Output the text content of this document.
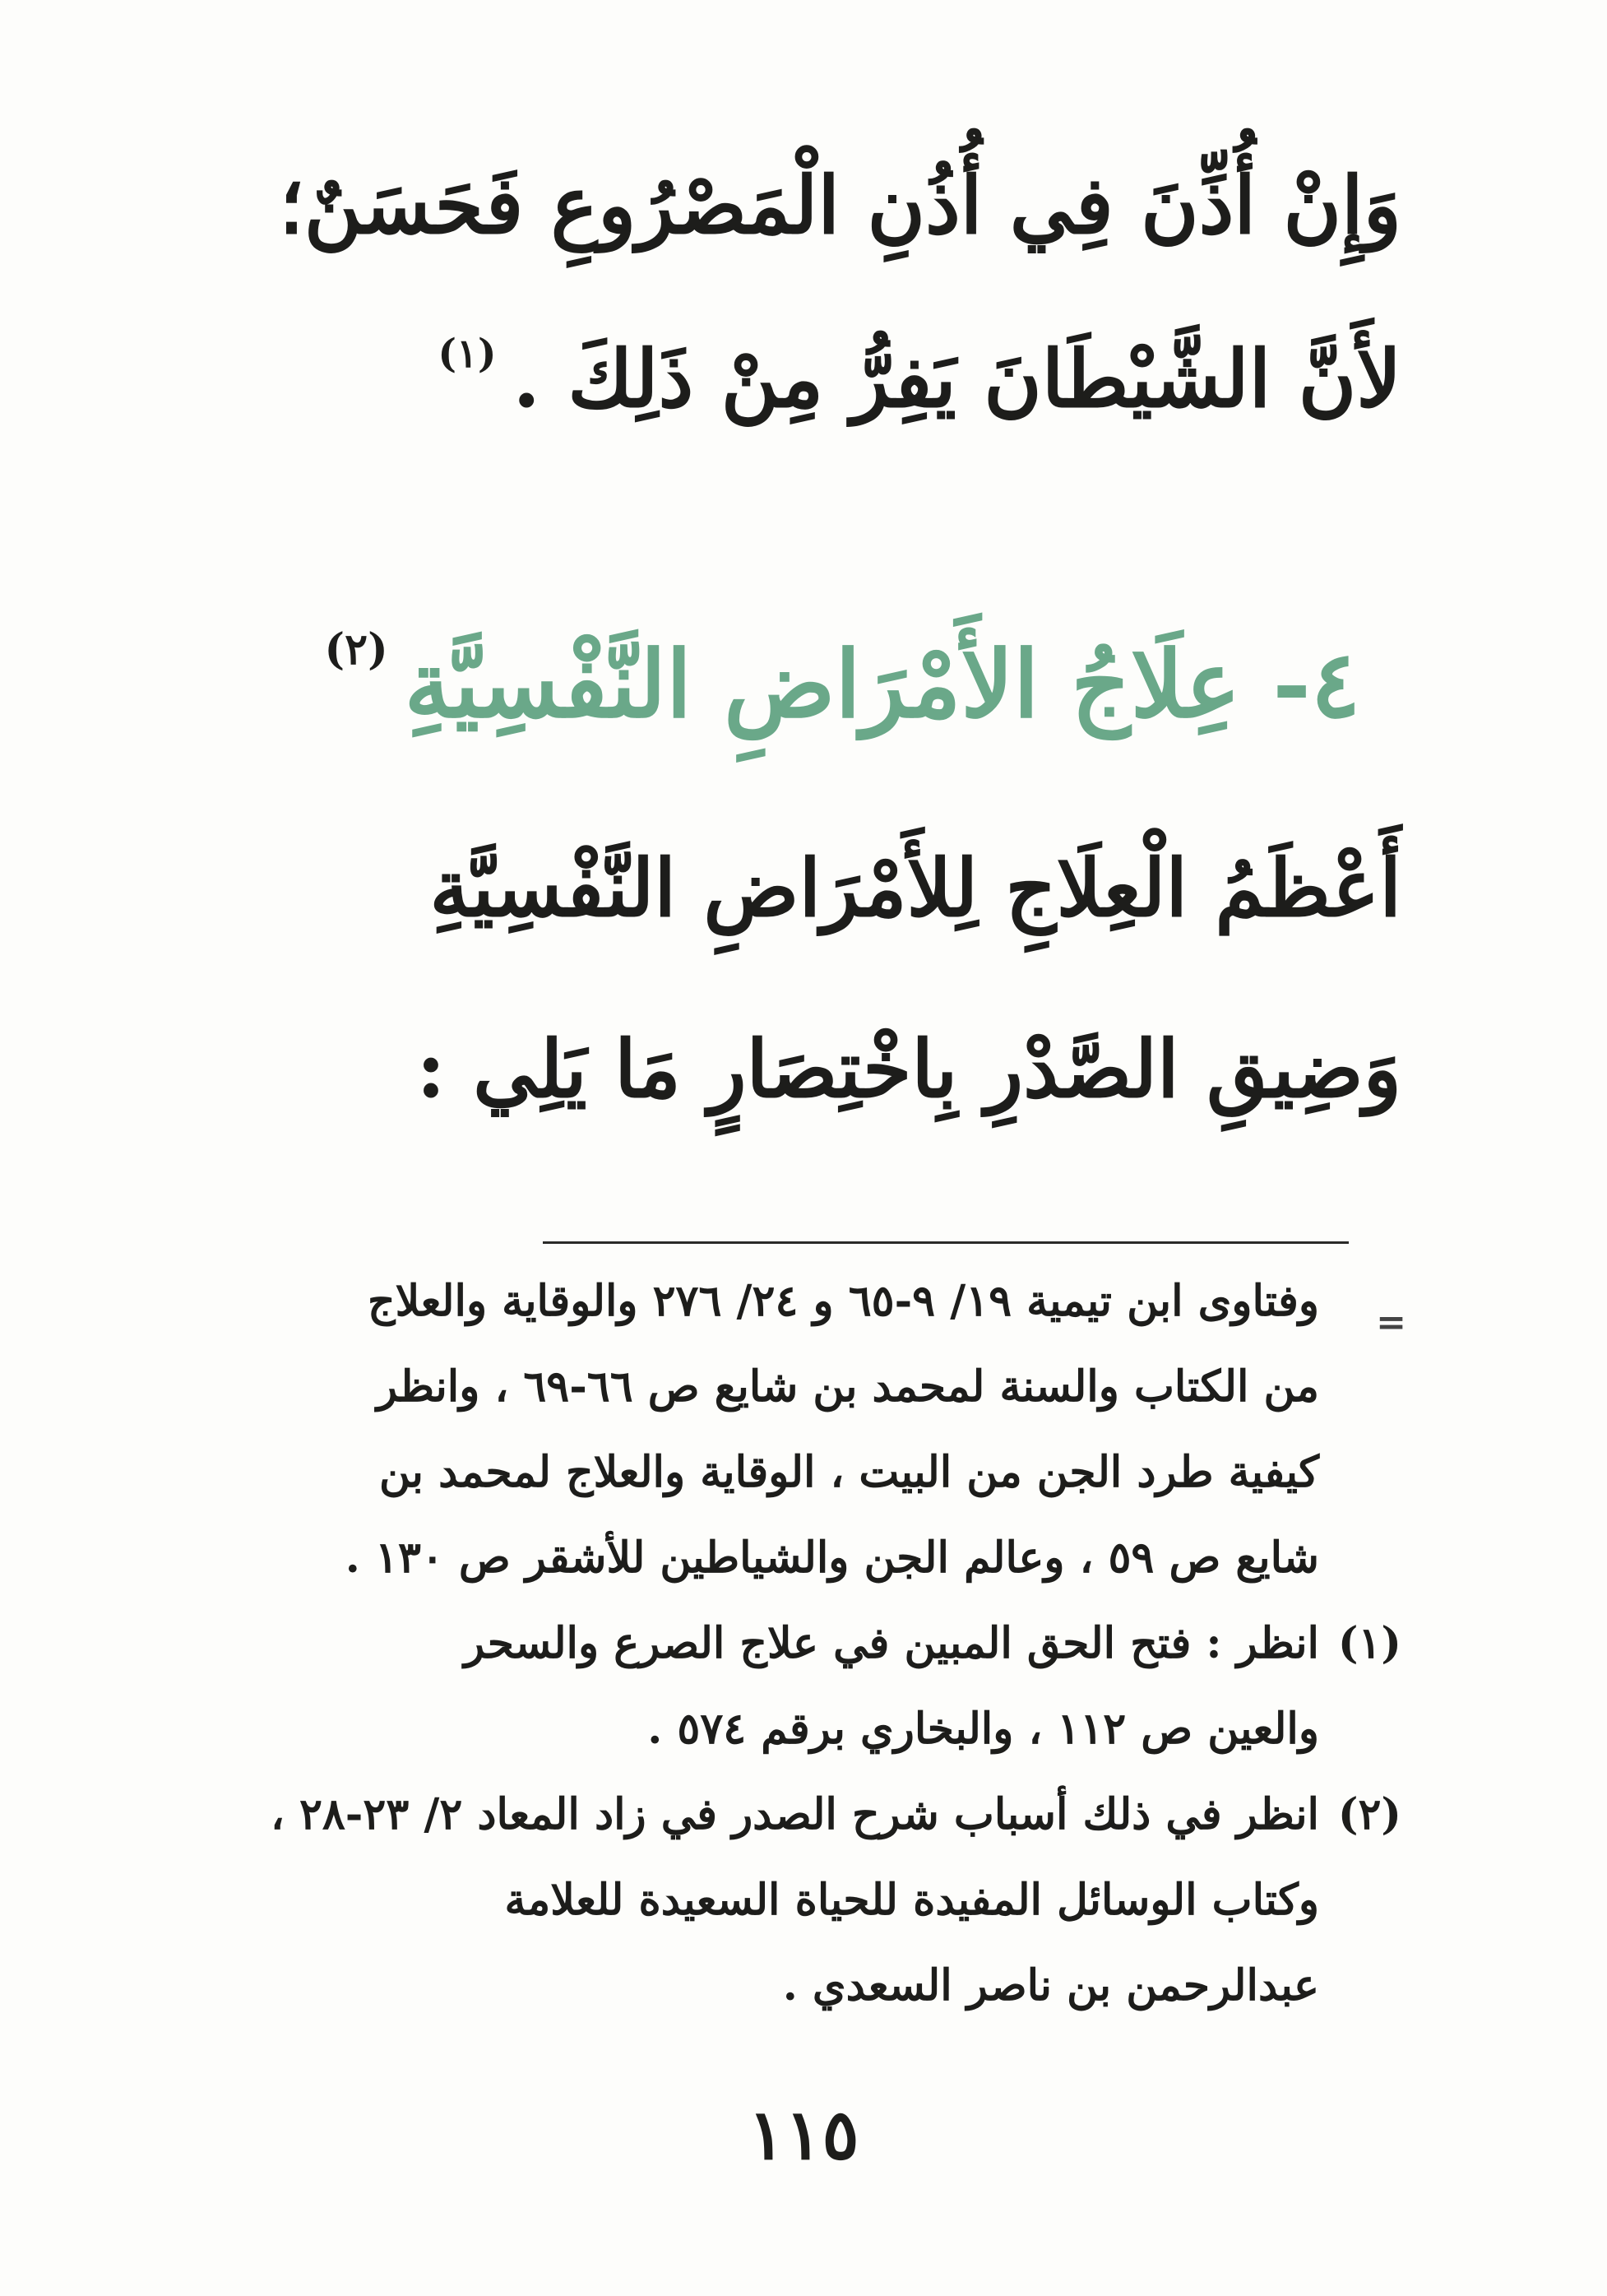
وَإِنْ أُذِّنَ فِي أُذُنِ الْمَصْرُوعِ فَحَسَنٌ؛
لأَنَّ الشَّيْطَانَ يَفِرُّ مِنْ ذَلِكَ .$^{(١)}$
٤- عِلَاجُ الأَمْرَاضِ النَّفْسِيَّةِ$^{(٢)}$
أَعْظَمُ الْعِلَاجِ لِلأَمْرَاضِ النَّفْسِيَّةِ
وَضِيقِ الصَّدْرِ بِاخْتِصَارٍ مَا يَلِي :
=
وفتاوى ابن تيمية ١٩/ ٩-٦٥ و ٢٤/ ٢٧٦ والوقاية والعلاج
من الكتاب والسنة لمحمد بن شايع ص ٦٦-٦٩ ، وانظر
كيفية طرد الجن من البيت ، الوقاية والعلاج لمحمد بن
شايع ص ٥٩ ، وعالم الجن والشياطين للأشقر ص ١٣٠ .
(١)انظر : فتح الحق المبين في علاج الصرع والسحر
والعين ص ١١٢ ، والبخاري برقم ٥٧٤ .
(٢)انظر في ذلك أسباب شرح الصدر في زاد المعاد ٢/ ٢٣-٢٨ ،
وكتاب الوسائل المفيدة للحياة السعيدة للعلامة
عبدالرحمن بن ناصر السعدي .
١١٥
